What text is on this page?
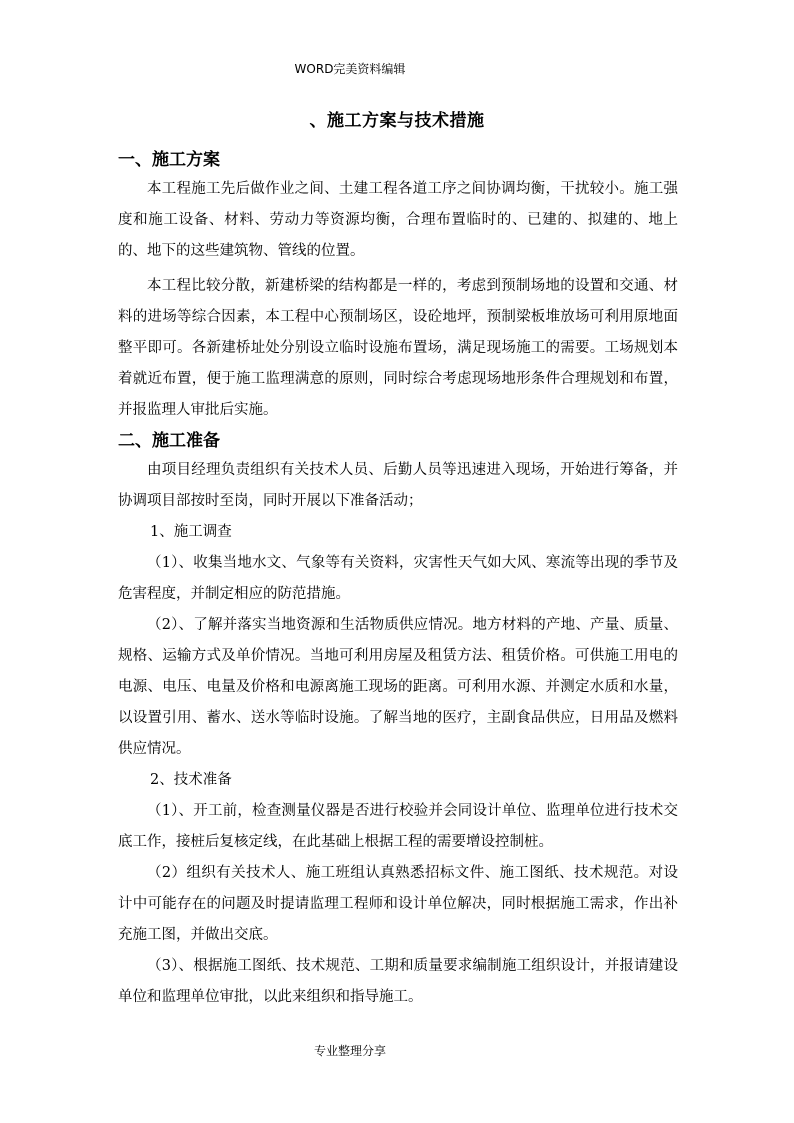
WORD完美资料编辑
、施工方案与技术措施

一、施工方案

本工程施工先后做作业之间、土建工程各道工序之间协调均衡，干扰较小。施工强度和施工设备、材料、劳动力等资源均衡，合理布置临时的、已建的、拟建的、地上的、地下的这些建筑物、管线的位置。

本工程比较分散，新建桥梁的结构都是一样的，考虑到预制场地的设置和交通、材料的进场等综合因素，本工程中心预制场区，设砼地坪，预制梁板堆放场可利用原地面整平即可。各新建桥址处分别设立临时设施布置场，满足现场施工的需要。工场规划本着就近布置，便于施工监理满意的原则，同时综合考虑现场地形条件合理规划和布置，并报监理人审批后实施。

二、施工准备

由项目经理负责组织有关技术人员、后勤人员等迅速进入现场，开始进行筹备，并协调项目部按时至岗，同时开展以下准备活动；

1、施工调查

（1）、收集当地水文、气象等有关资料，灾害性天气如大风、寒流等出现的季节及危害程度，并制定相应的防范措施。

（2）、了解并落实当地资源和生活物质供应情况。地方材料的产地、产量、质量、规格、运输方式及单价情况。当地可利用房屋及租赁方法、租赁价格。可供施工用电的电源、电压、电量及价格和电源离施工现场的距离。可利用水源、并测定水质和水量，以设置引用、蓄水、送水等临时设施。了解当地的医疗，主副食品供应，日用品及燃料供应情况。

2、技术准备

（1）、开工前，检查测量仪器是否进行校验并会同设计单位、监理单位进行技术交底工作，接桩后复核定线，在此基础上根据工程的需要增设控制桩。

（2）组织有关技术人、施工班组认真熟悉招标文件、施工图纸、技术规范。对设计中可能存在的问题及时提请监理工程师和设计单位解决，同时根据施工需求，作出补充施工图，并做出交底。

（3）、根据施工图纸、技术规范、工期和质量要求编制施工组织设计，并报请建设单位和监理单位审批，以此来组织和指导施工。

专业整理分享
